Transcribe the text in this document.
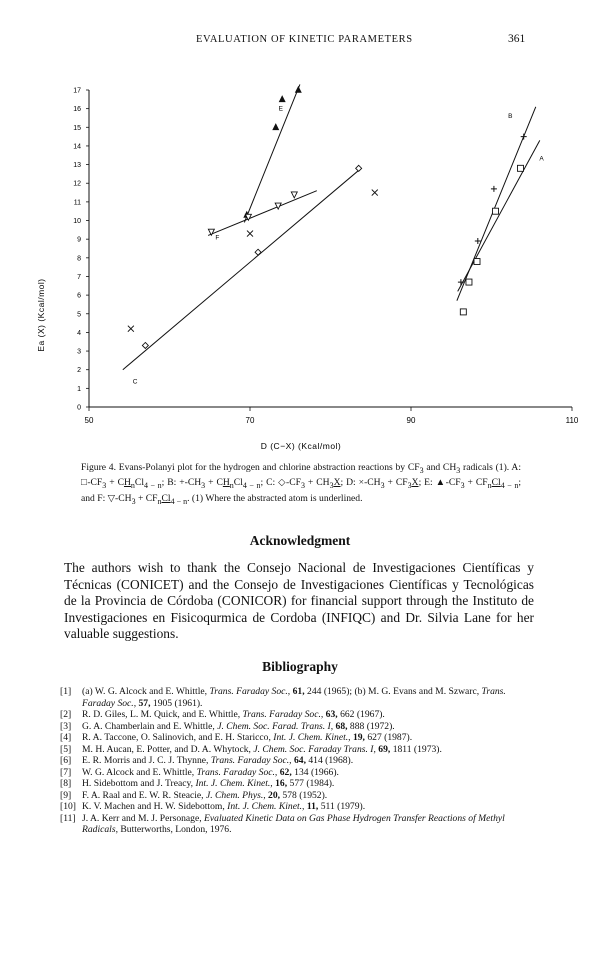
EVALUATION OF KINETIC PARAMETERS	361
0
1
2
3
4
5
6
7
8
9
10
11
12
13
14
15
16
17
50	70	90	110
A
B
C
E
F
D (C−X) (Kcal/mol)
Ea (X) (Kcal/mol)
Figure 4. Evans-Polanyi plot for the hydrogen and chlorine abstraction reactions by $CF_3$ and $CH_3$ radicals (1). A: $□-CF_3 + CH_nCl_{4 - n}$; B: $+-CH_3 + CH_nCl_{4 - n}$; C: $◇-CF_3 + CH_3X$; D: $\times-CH_3 + CF_3X$; E: $▲-CF_3 + CF_nCl_{4 - n}$; and F: $▽-CH_3 + CF_nCl_{4 - n}$. (1) Where the abstracted atom is underlined.
Acknowledgment
The authors wish to thank the Consejo Nacional de Investigaciones Científicas y Técnicas (CONICET) and the Consejo de Investigaciones Científicas y Tecnológicas de la Provincia de Córdoba (CONICOR) for financial support through the Instituto de Investigaciones en Fisicoqurmica de Cordoba (INFIQC) and Dr. Silvia Lane for her valuable suggestions.
Bibliography
[1] (a) W. G. Alcock and E. Whittle, Trans. Faraday Soc., 61, 244 (1965); (b) M. G. Evans and M. Szwarc, Trans. Faraday Soc., 57, 1905 (1961).
[2] R. D. Giles, L. M. Quick, and E. Whittle, Trans. Faraday Soc., 63, 662 (1967).
[3] G. A. Chamberlain and E. Whittle, J. Chem. Soc. Farad. Trans. I, 68, 888 (1972).
[4] R. A. Taccone, O. Salinovich, and E. H. Staricco, Int. J. Chem. Kinet., 19, 627 (1987).
[5] M. H. Aucan, E. Potter, and D. A. Whytock, J. Chem. Soc. Faraday Trans. I, 69, 1811 (1973).
[6] E. R. Morris and J. C. J. Thynne, Trans. Faraday Soc., 64, 414 (1968).
[7] W. G. Alcock and E. Whittle, Trans. Faraday Soc., 62, 134 (1966).
[8] H. Sidebottom and J. Treacy, Int. J. Chem. Kinet., 16, 577 (1984).
[9] F. A. Raal and E. W. R. Steacie, J. Chem. Phys., 20, 578 (1952).
[10] K. V. Machen and H. W. Sidebottom, Int. J. Chem. Kinet., 11, 511 (1979).
[11] J. A. Kerr and M. J. Personage, Evaluated Kinetic Data on Gas Phase Hydrogen Transfer Reactions of Methyl Radicals, Butterworths, London, 1976.
